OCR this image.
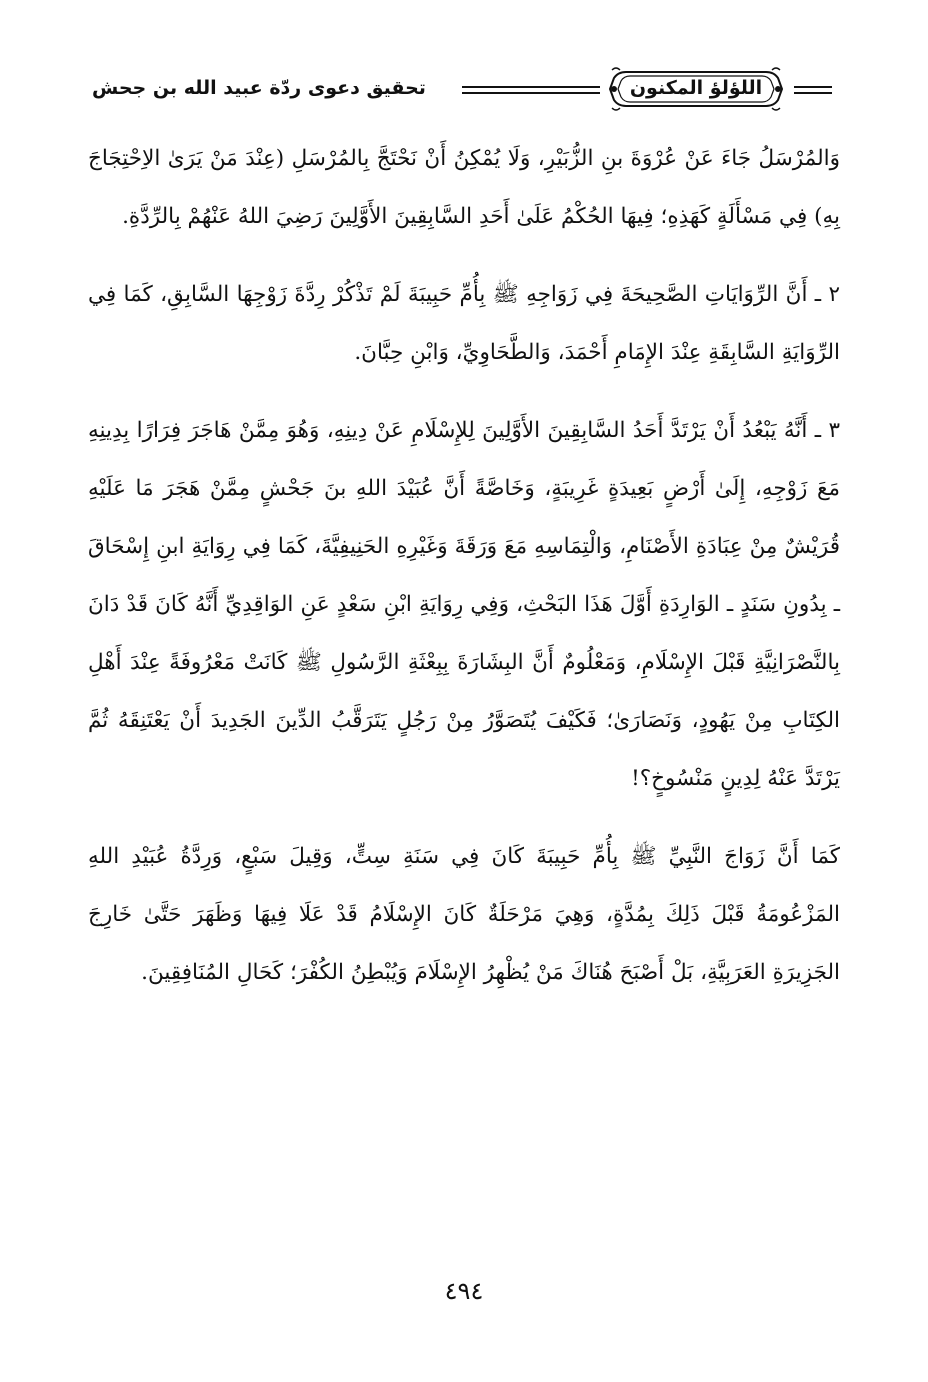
اللؤلؤ المكنون
تحقيق دعوى ردّة عبيد الله بن جحش

وَالمُرْسَلُ جَاءَ عَنْ عُرْوَةَ بنِ الزُّبَيْرِ، وَلَا يُمْكِنُ أَنْ نَحْتَجَّ بِالمُرْسَلِ (عِنْدَ مَنْ يَرَىٰ الاِحْتِجَاجَ بِهِ) فِي مَسْأَلَةٍ كَهَذِهِ؛ فِيهَا الحُكْمُ عَلَىٰ أَحَدِ السَّابِقِينَ الأَوَّلِينَ رَضِيَ اللهُ عَنْهُمْ بِالرِّدَّةِ.

٢ ـ أَنَّ الرِّوَايَاتِ الصَّحِيحَةَ فِي زَوَاجِهِ ﷺ بِأُمِّ حَبِيبَةَ لَمْ تَذْكُرْ رِدَّةَ زَوْجِهَا السَّابِقِ، كَمَا فِي الرِّوَايَةِ السَّابِقَةِ عِنْدَ الإِمَامِ أَحْمَدَ، وَالطَّحَاوِيِّ، وَابْنِ حِبَّانَ.

٣ ـ أَنَّهُ يَبْعُدُ أَنْ يَرْتَدَّ أَحَدُ السَّابِقِينَ الأَوَّلِينَ لِلإِسْلَامِ عَنْ دِينِهِ، وَهُوَ مِمَّنْ هَاجَرَ فِرَارًا بِدِينِهِ مَعَ زَوْجِهِ، إِلَىٰ أَرْضٍ بَعِيدَةٍ غَرِيبَةٍ، وَخَاصَّةً أَنَّ عُبَيْدَ اللهِ بنَ جَحْشٍ مِمَّنْ هَجَرَ مَا عَلَيْهِ قُرَيْشٌ مِنْ عِبَادَةِ الأَصْنَامِ، وَالْتِمَاسِهِ مَعَ وَرَقَةَ وَغَيْرِهِ الحَنِيفِيَّةَ، كَمَا فِي رِوَايَةِ ابنِ إِسْحَاقَ ـ بِدُونِ سَنَدٍ ـ الوَارِدَةِ أَوَّلَ هَذَا البَحْثِ، وَفِي رِوَايَةِ ابْنِ سَعْدٍ عَنِ الوَاقِدِيِّ أَنَّهُ كَانَ قَدْ دَانَ بِالنَّصْرَانِيَّةِ قَبْلَ الإِسْلَامِ، وَمَعْلُومٌ أَنَّ البِشَارَةَ بِبِعْثَةِ الرَّسُولِ ﷺ كَانَتْ مَعْرُوفَةً عِنْدَ أَهْلِ الكِتَابِ مِنْ يَهُودٍ، وَنَصَارَىٰ؛ فَكَيْفَ يُتَصَوَّرُ مِنْ رَجُلٍ يَتَرَقَّبُ الدِّينَ الجَدِيدَ أَنْ يَعْتَنِقَهُ ثُمَّ يَرْتَدَّ عَنْهُ لِدِينٍ مَنْسُوخٍ؟!

كَمَا أَنَّ زَوَاجَ النَّبِيِّ ﷺ بِأُمِّ حَبِيبَةَ كَانَ فِي سَنَةِ سِتٍّ، وَقِيلَ سَبْعٍ، وَرِدَّةُ عُبَيْدِ اللهِ المَزْعُومَةُ قَبْلَ ذَلِكَ بِمُدَّةٍ، وَهِيَ مَرْحَلَةٌ كَانَ الإِسْلَامُ قَدْ عَلَا فِيهَا وَظَهَرَ حَتَّىٰ خَارِجَ الجَزِيرَةِ العَرَبِيَّةِ، بَلْ أَصْبَحَ هُنَاكَ مَنْ يُظْهِرُ الإِسْلَامَ وَيُبْطِنُ الكُفْرَ؛ كَحَالِ المُنَافِقِينَ.

٤٩٤
